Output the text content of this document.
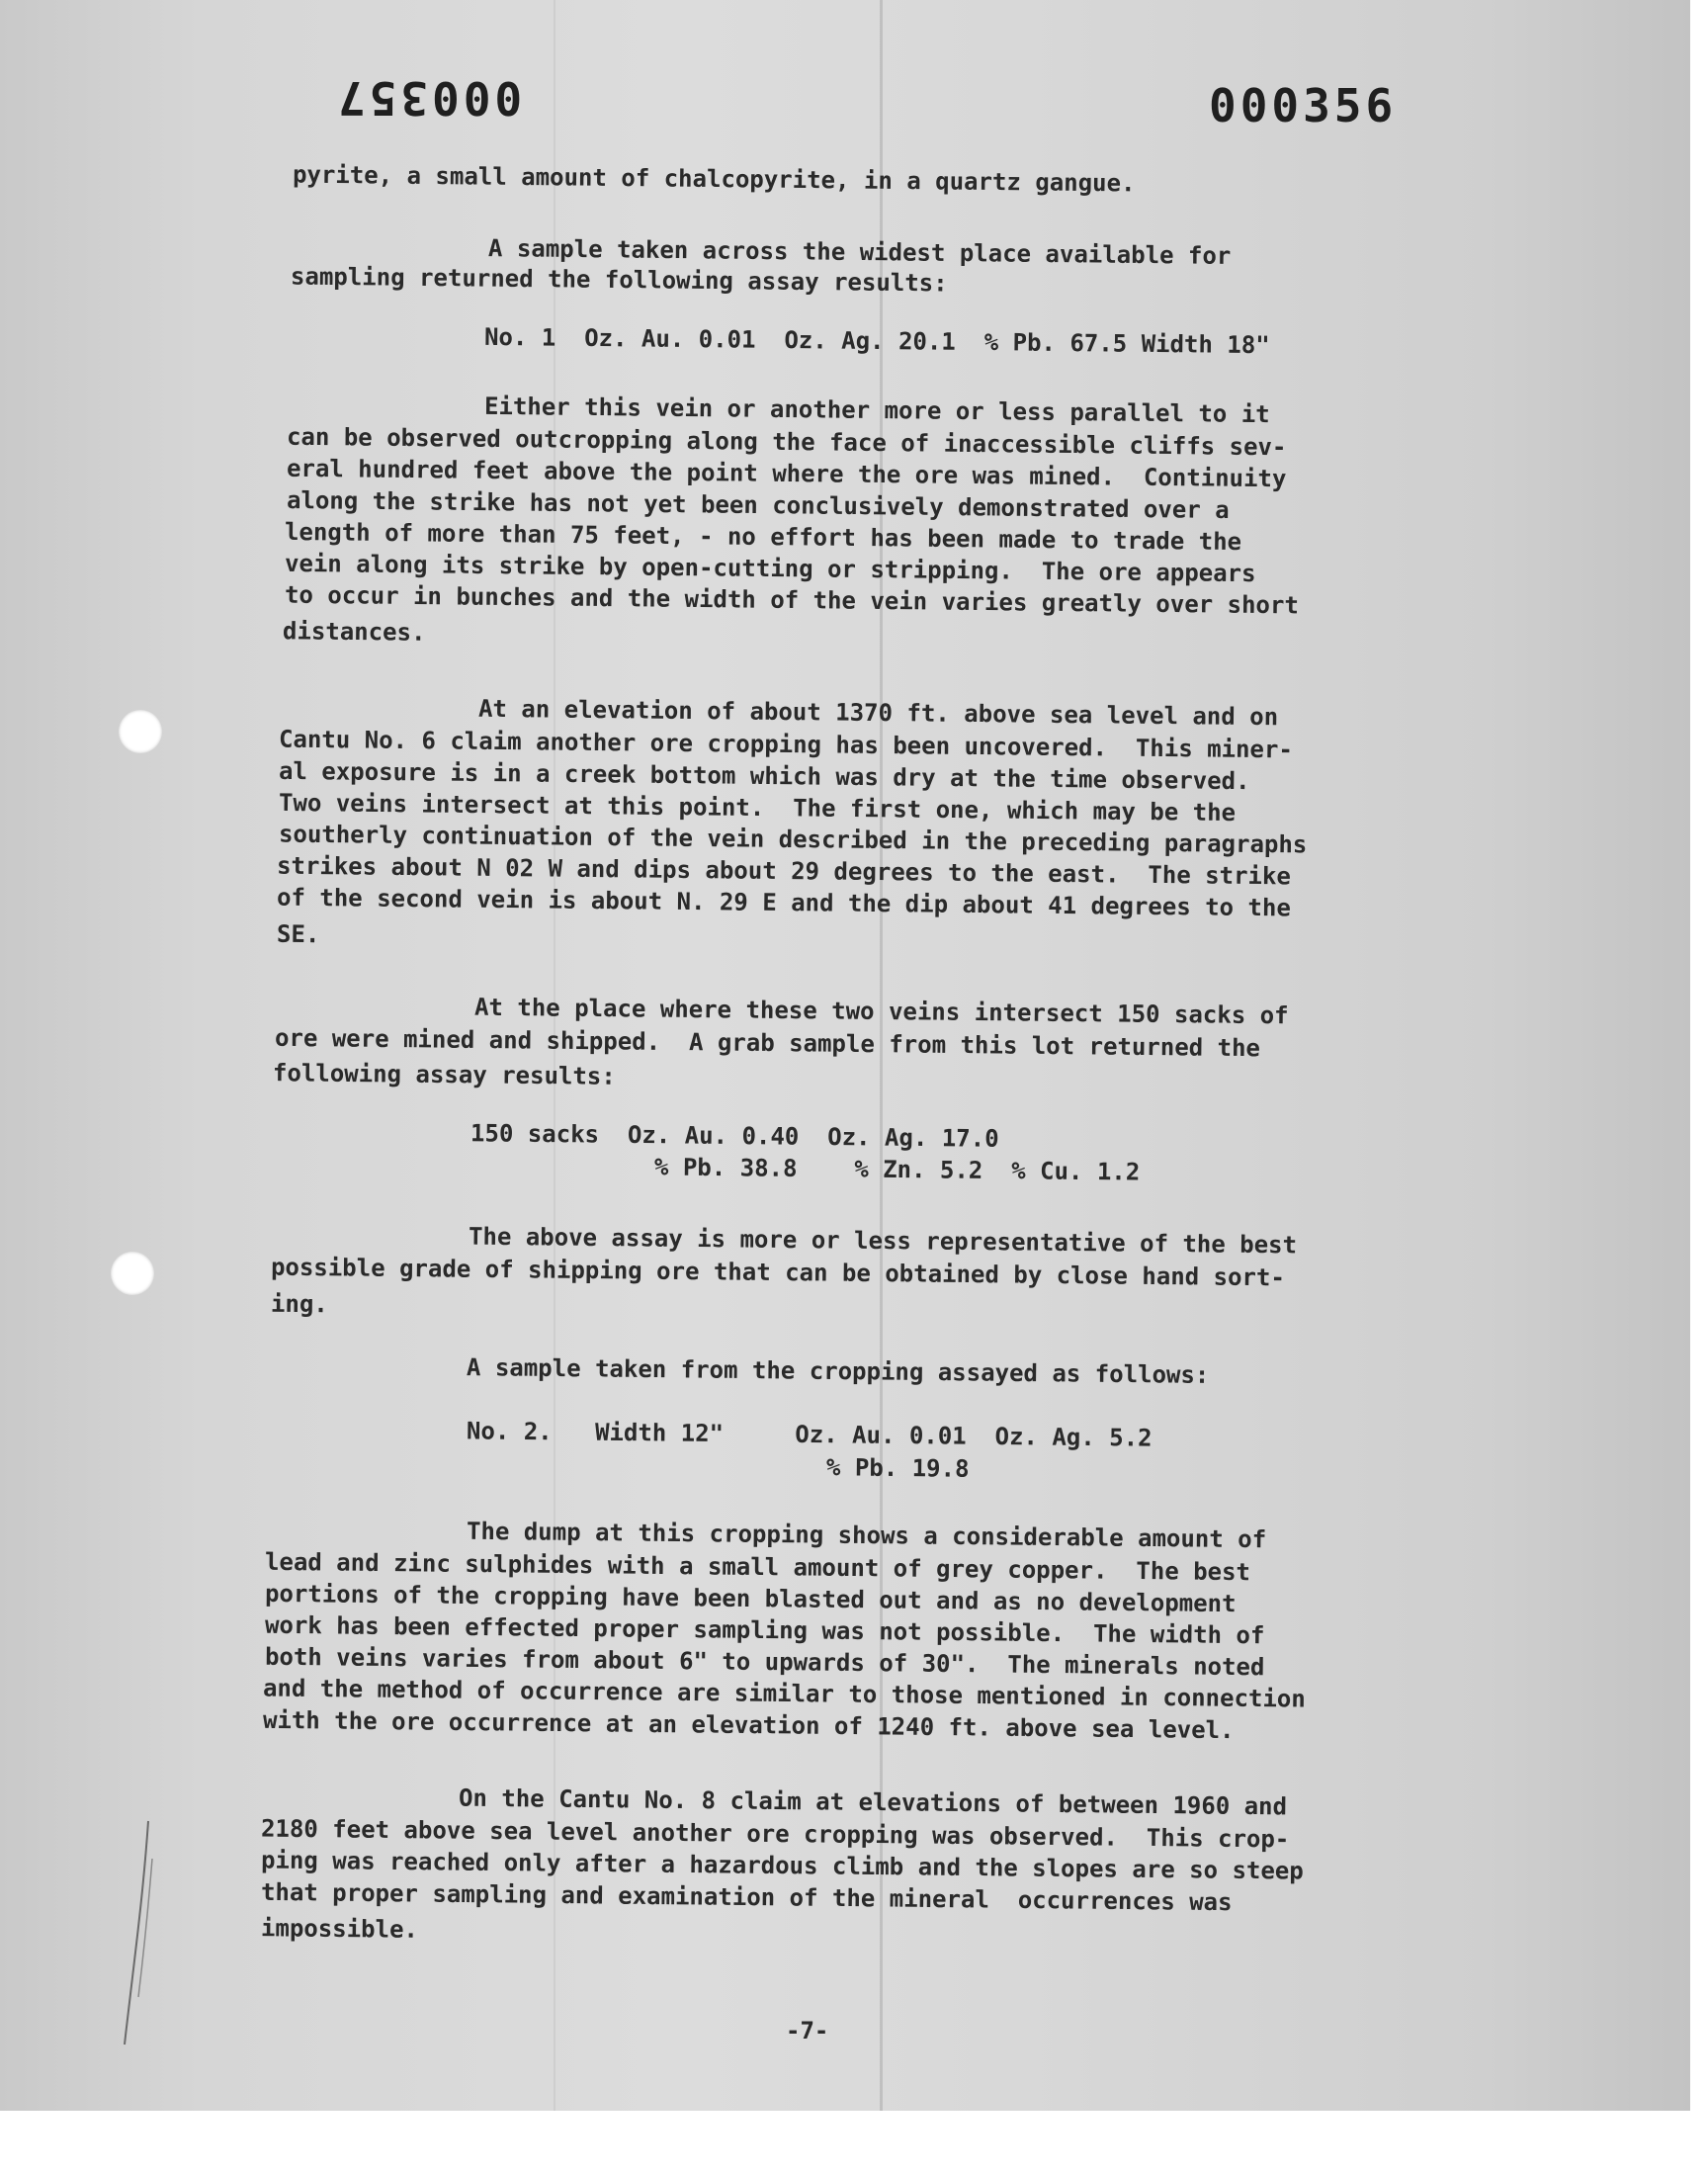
000357	000356
pyrite, a small amount of chalcopyrite, in a quartz gangue.
A sample taken across the widest place available for
sampling returned the following assay results:
No. 1  Oz. Au. 0.01  Oz. Ag. 20.1  % Pb. 67.5 Width 18"
Either this vein or another more or less parallel to it
can be observed outcropping along the face of inaccessible cliffs sev-
eral hundred feet above the point where the ore was mined.  Continuity
along the strike has not yet been conclusively demonstrated over a
length of more than 75 feet, - no effort has been made to trade the
vein along its strike by open-cutting or stripping.  The ore appears
to occur in bunches and the width of the vein varies greatly over short
distances.
At an elevation of about 1370 ft. above sea level and on
Cantu No. 6 claim another ore cropping has been uncovered.  This miner-
al exposure is in a creek bottom which was dry at the time observed.
Two veins intersect at this point.  The first one, which may be the
southerly continuation of the vein described in the preceding paragraphs
strikes about N 02 W and dips about 29 degrees to the east.  The strike
of the second vein is about N. 29 E and the dip about 41 degrees to the
SE.
At the place where these two veins intersect 150 sacks of
ore were mined and shipped.  A grab sample from this lot returned the
following assay results:
150 sacks  Oz. Au. 0.40  Oz. Ag. 17.0
% Pb. 38.8    % Zn. 5.2  % Cu. 1.2
The above assay is more or less representative of the best
possible grade of shipping ore that can be obtained by close hand sort-
ing.
A sample taken from the cropping assayed as follows:
No. 2.   Width 12"     Oz. Au. 0.01  Oz. Ag. 5.2
% Pb. 19.8
The dump at this cropping shows a considerable amount of
lead and zinc sulphides with a small amount of grey copper.  The best
portions of the cropping have been blasted out and as no development
work has been effected proper sampling was not possible.  The width of
both veins varies from about 6" to upwards of 30".  The minerals noted
and the method of occurrence are similar to those mentioned in connection
with the ore occurrence at an elevation of 1240 ft. above sea level.
On the Cantu No. 8 claim at elevations of between 1960 and
2180 feet above sea level another ore cropping was observed.  This crop-
ping was reached only after a hazardous climb and the slopes are so steep
that proper sampling and examination of the mineral  occurrences was
impossible.
-7-
